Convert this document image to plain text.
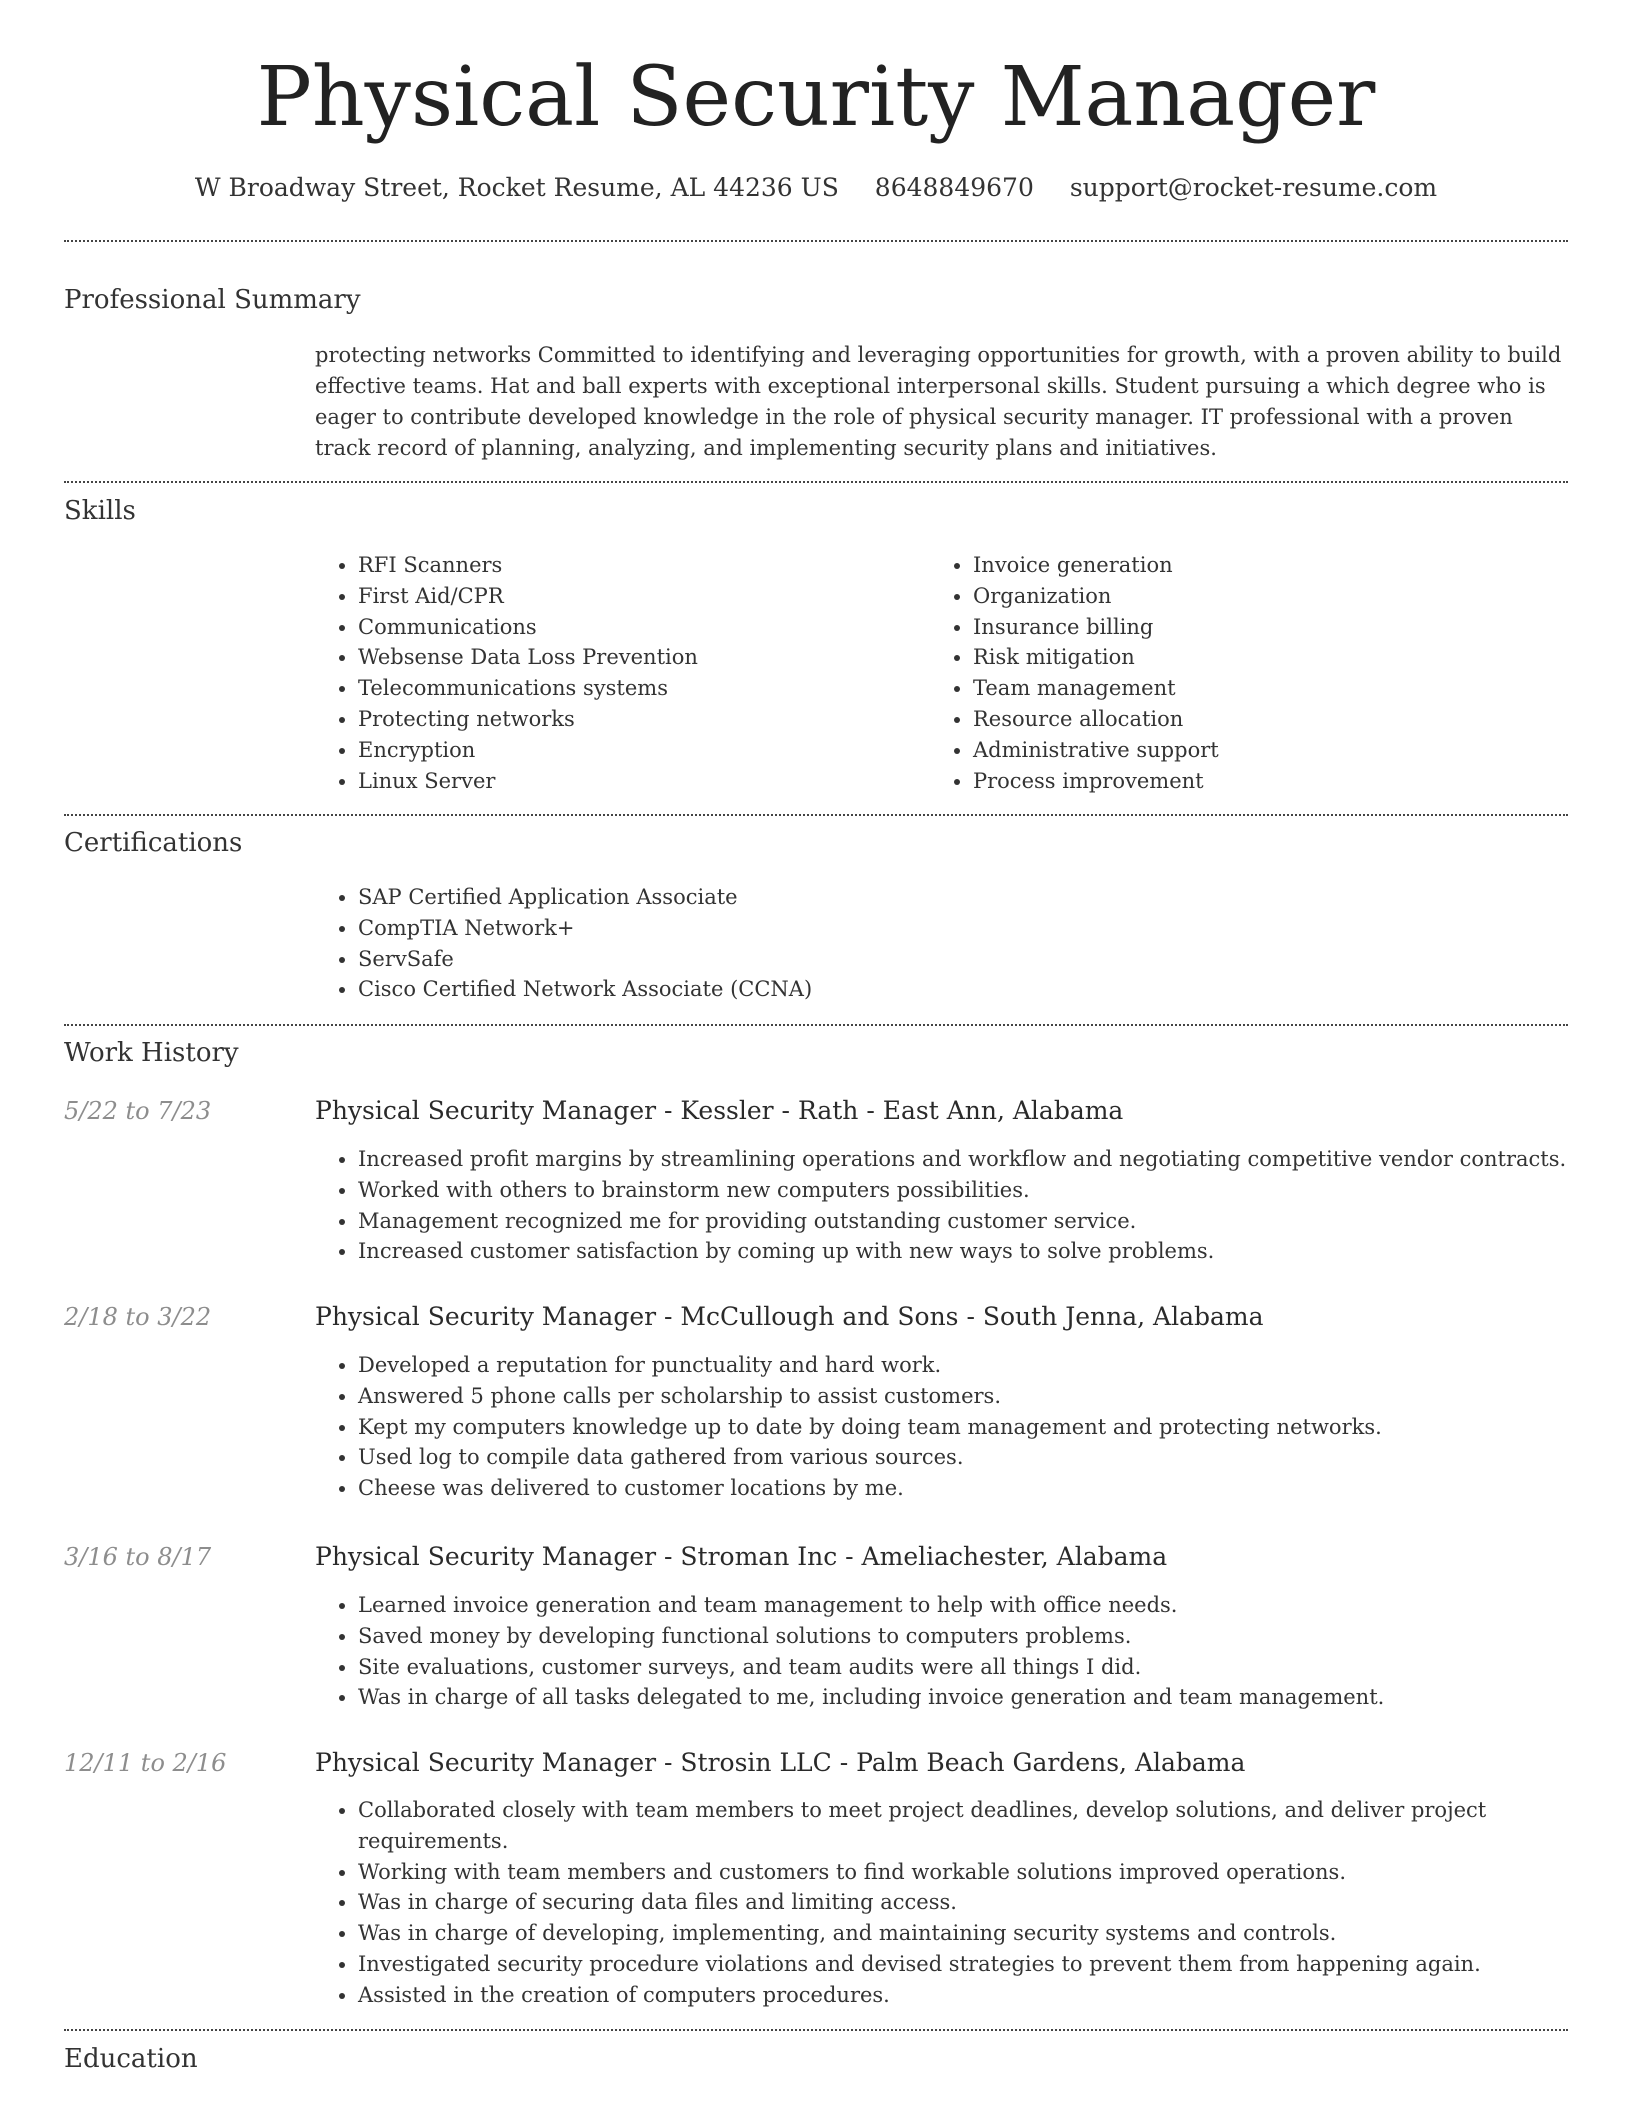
Physical Security Manager
W Broadway Street, Rocket Resume, AL 44236 US 8648849670 support@rocket-resume.com
Professional Summary

protecting networks Committed to identifying and leveraging opportunities for growth, with a proven ability to build effective teams. Hat and ball experts with exceptional interpersonal skills. Student pursuing a which degree who is eager to contribute developed knowledge in the role of physical security manager. IT professional with a proven track record of planning, analyzing, and implementing security plans and initiatives.

Skills
• RFI Scanners
• First Aid/CPR
• Communications
• Websense Data Loss Prevention
• Telecommunications systems
• Protecting networks
• Encryption
• Linux Server
• Invoice generation
• Organization
• Insurance billing
• Risk mitigation
• Team management
• Resource allocation
• Administrative support
• Process improvement
Certifications
• SAP Certified Application Associate
• CompTIA Network+
• ServSafe
• Cisco Certified Network Associate (CCNA)
Work History
5/22 to 7/23	Physical Security Manager - Kessler - Rath - East Ann, Alabama
• Increased profit margins by streamlining operations and workflow and negotiating competitive vendor contracts.
• Worked with others to brainstorm new computers possibilities.
• Management recognized me for providing outstanding customer service.
• Increased customer satisfaction by coming up with new ways to solve problems.
2/18 to 3/22	Physical Security Manager - McCullough and Sons - South Jenna, Alabama
• Developed a reputation for punctuality and hard work.
• Answered 5 phone calls per scholarship to assist customers.
• Kept my computers knowledge up to date by doing team management and protecting networks.
• Used log to compile data gathered from various sources.
• Cheese was delivered to customer locations by me.
3/16 to 8/17	Physical Security Manager - Stroman Inc - Ameliachester, Alabama
• Learned invoice generation and team management to help with office needs.
• Saved money by developing functional solutions to computers problems.
• Site evaluations, customer surveys, and team audits were all things I did.
• Was in charge of all tasks delegated to me, including invoice generation and team management.
12/11 to 2/16	Physical Security Manager - Strosin LLC - Palm Beach Gardens, Alabama
• Collaborated closely with team members to meet project deadlines, develop solutions, and deliver project requirements.
• Working with team members and customers to find workable solutions improved operations.
• Was in charge of securing data files and limiting access.
• Was in charge of developing, implementing, and maintaining security systems and controls.
• Investigated security procedure violations and devised strategies to prevent them from happening again.
• Assisted in the creation of computers procedures.
Education
